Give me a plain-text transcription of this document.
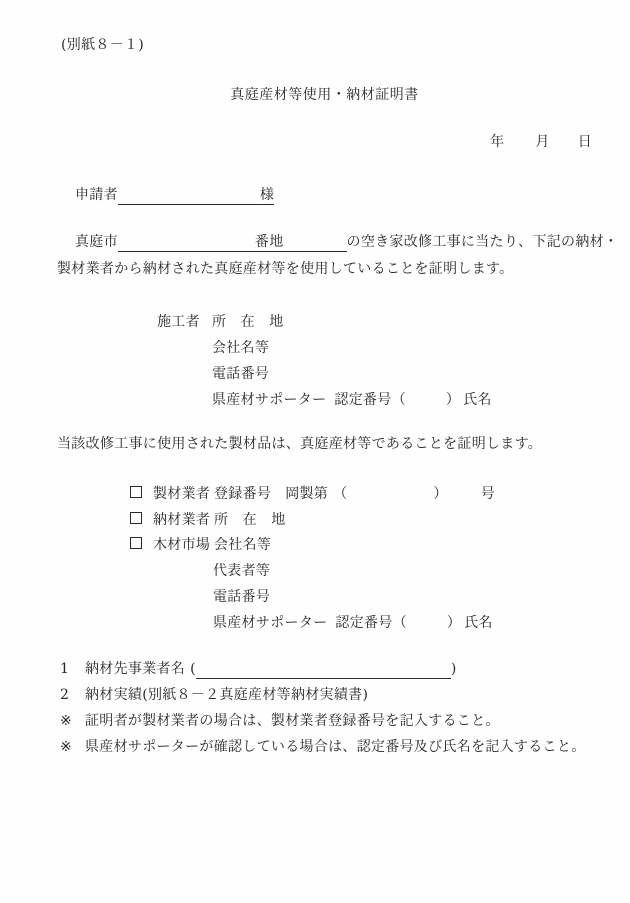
(別紙８－１)
真庭産材等使用・納材証明書
年 月 日
申請者	様
真庭市	番地	の空き家改修工事に当たり、下記の納材・
製材業者から納材された真庭産材等を使用していることを証明します。
施工者 所　在　地
会社名等
電話番号
県産材サポーター 認定番号（	） 氏名
当該改修工事に使用された製材品は、真庭産材等であることを証明します。
製材業者 登録番号 岡製第 （	） 号
納材業者 所　在　地
木材市場 会社名等
代表者等
電話番号
県産材サポーター 認定番号（	） 氏名
1 納材先事業者名 (	)
2 納材実績(別紙８－２真庭産材等納材実績書)
※ 証明者が製材業者の場合は、製材業者登録番号を記入すること。
※ 県産材サポーターが確認している場合は、認定番号及び氏名を記入すること。
